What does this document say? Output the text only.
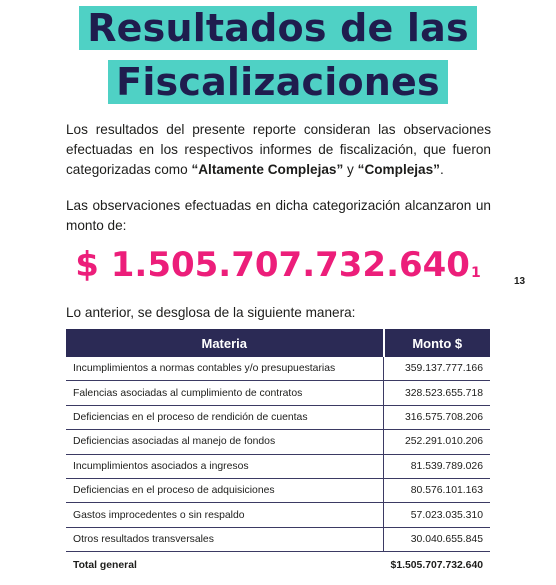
Resultados de las
Fiscalizaciones
Los resultados del presente reporte consideran las observaciones efectuadas en los respectivos informes de fiscalización, que fueron categorizadas como “Altamente Complejas” y “Complejas”.
Las observaciones efectuadas en dicha categorización alcanzaron un monto de:
$ 1.505.707.732.640$^1$
13
Lo anterior, se desglosa de la siguiente manera:
Materia	Monto $
Incumplimientos a normas contables y/o presupuestarias	359.137.777.166
Falencias asociadas al cumplimiento de contratos	328.523.655.718
Deficiencias en el proceso de rendición de cuentas	316.575.708.206
Deficiencias asociadas al manejo de fondos	252.291.010.206
Incumplimientos asociados a ingresos	81.539.789.026
Deficiencias en el proceso de adquisiciones	80.576.101.163
Gastos improcedentes o sin respaldo	57.023.035.310
Otros resultados transversales	30.040.655.845
Total general	$1.505.707.732.640
